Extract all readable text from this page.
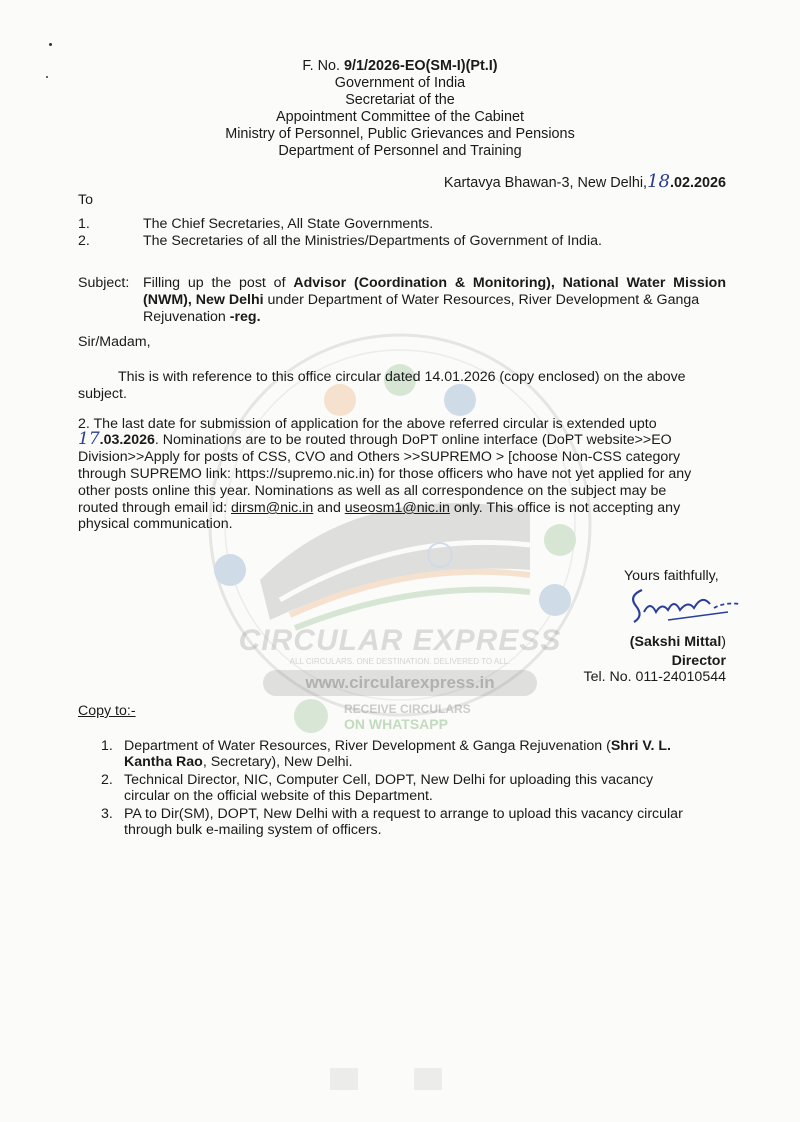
CIRCULAR EXPRESS
ALL CIRCULARS. ONE DESTINATION. DELIVERED TO ALL.
www.circularexpress.in
RECEIVE CIRCULARS
ON WHATSAPP
F. No. 9/1/2026-EO(SM-I)(Pt.I)
Government of India
Secretariat of the
Appointment Committee of the Cabinet
Ministry of Personnel, Public Grievances and Pensions
Department of Personnel and Training
Kartavya Bhawan-3, New Delhi,18.02.2026
To
1.	The Chief Secretaries, All State Governments.
2.	The Secretaries of all the Ministries/Departments of Government of India.
Subject: Filling up the post of Advisor (Coordination & Monitoring), National Water Mission
(NWM), New Delhi under Department of Water Resources, River Development & Ganga
Rejuvenation -reg.
Sir/Madam,
This is with reference to this office circular dated 14.01.2026 (copy enclosed) on the above
subject.
2. The last date for submission of application for the above referred circular is extended upto
17.03.2026. Nominations are to be routed through DoPT online interface (DoPT website>>EO
Division>>Apply for posts of CSS, CVO and Others >>SUPREMO > [choose Non-CSS category
through SUPREMO link: https://supremo.nic.in) for those officers who have not yet applied for any
other posts online this year. Nominations as well as all correspondence on the subject may be
routed through email id: dirsm@nic.in and useosm1@nic.in only. This office is not accepting any
physical communication.
Yours faithfully,
(Sakshi Mittal)
Director
Tel. No. 011-24010544
Copy to:-
1. Department of Water Resources, River Development & Ganga Rejuvenation (Shri V. L.
Kantha Rao, Secretary), New Delhi.
2. Technical Director, NIC, Computer Cell, DOPT, New Delhi for uploading this vacancy
circular on the official website of this Department.
3. PA to Dir(SM), DOPT, New Delhi with a request to arrange to upload this vacancy circular
through bulk e-mailing system of officers.
